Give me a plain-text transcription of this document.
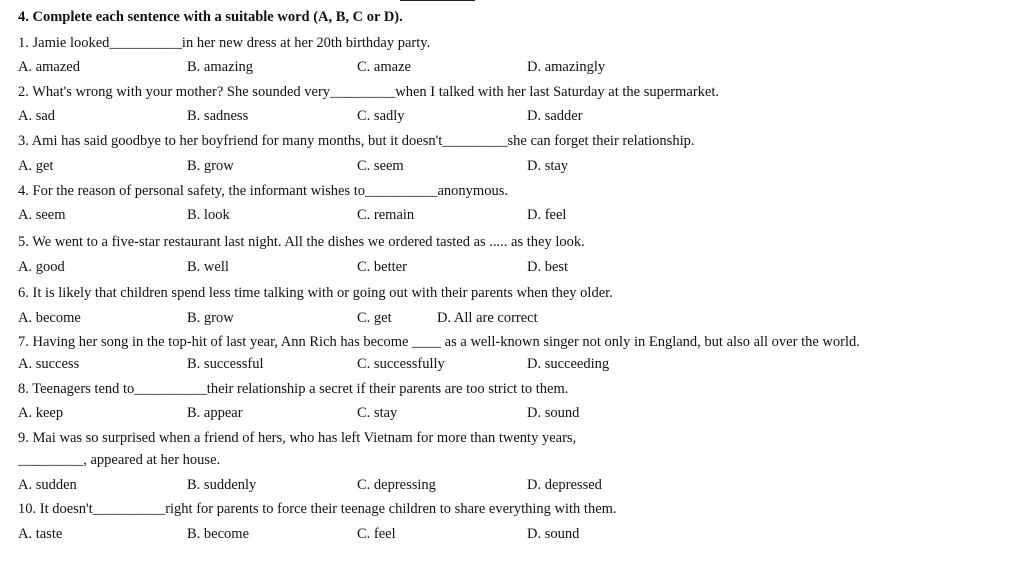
4. Complete each sentence with a suitable word (A, B, C or D).
1. Jamie looked__________in her new dress at her 20th birthday party.
A. amazed	B. amazing	C. amaze	D. amazingly
2. What's wrong with your mother? She sounded very_________when I talked with her last Saturday at the supermarket.
A. sad	B. sadness	C. sadly	D. sadder
3. Ami has said goodbye to her boyfriend for many months, but it doesn't_________she can forget their relationship.
A. get	B. grow	C. seem	D. stay
4. For the reason of personal safety, the informant wishes to__________anonymous.
A. seem	B. look	C. remain	D. feel
5. We went to a five-star restaurant last night. All the dishes we ordered tasted as ..... as they look.
A. good	B. well	C. better	D. best
6. It is likely that children spend less time talking with or going out with their parents when they older.
A. become	B. grow	C. get	D. All are correct
7. Having her song in the top-hit of last year, Ann Rich has become ____ as a well-known singer not only in England, but also all over the world.
A. success	B. successful	C. successfully	D. succeeding
8. Teenagers tend to__________their relationship a secret if their parents are too strict to them.
A. keep	B. appear	C. stay	D. sound
9. Mai was so surprised when a friend of hers, who has left Vietnam for more than twenty years,
_________, appeared at her house.
A. sudden	B. suddenly	C. depressing	D. depressed
10. It doesn't__________right for parents to force their teenage children to share everything with them.
A. taste	B. become	C. feel	D. sound
